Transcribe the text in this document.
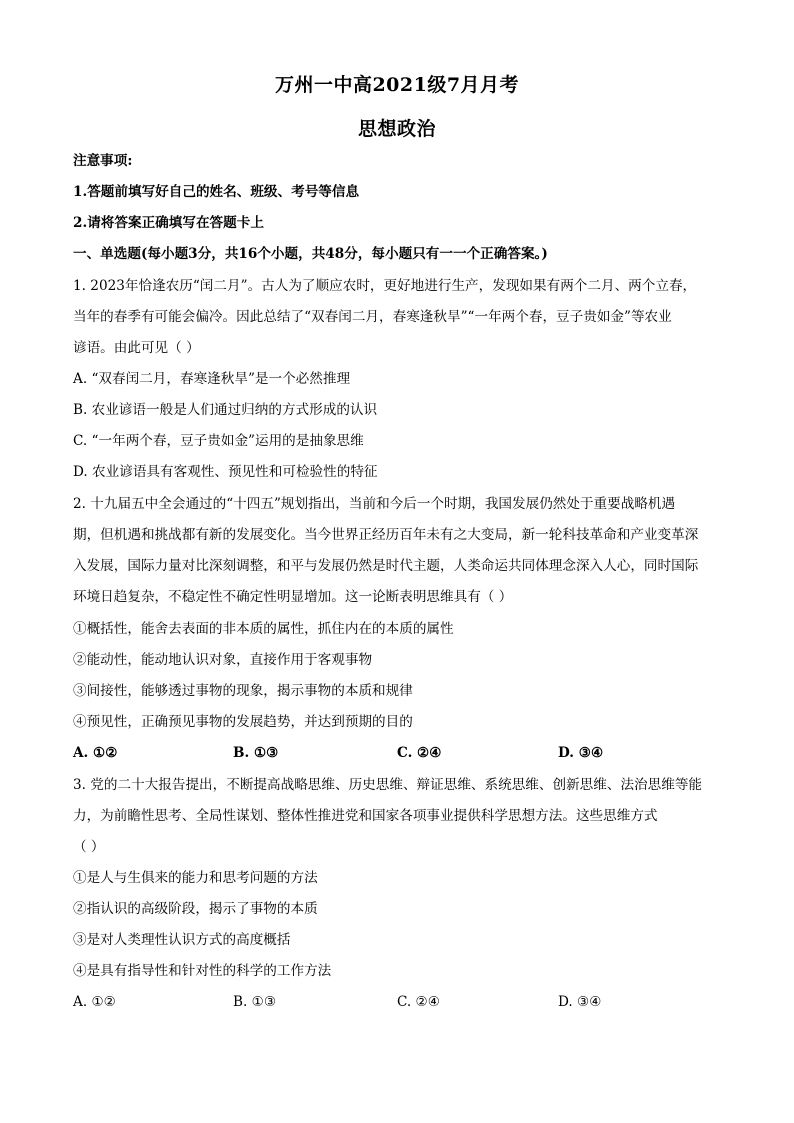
万州一中高2021级7月月考
思想政治
注意事项:
1.答题前填写好自己的姓名、班级、考号等信息
2.请将答案正确填写在答题卡上
一、单选题(每小题3分，共16个小题，共48分，每小题只有一一个正确答案。)
1. 2023年恰逢农历“闰二月”。古人为了顺应农时，更好地进行生产，发现如果有两个二月、两个立春，
当年的春季有可能会偏冷。因此总结了“双春闰二月，春寒逢秋旱”“一年两个春，豆子贵如金”等农业
谚语。由此可见（ ）
A. “双春闰二月，春寒逢秋旱”是一个必然推理
B. 农业谚语一般是人们通过归纳的方式形成的认识
C. “一年两个春，豆子贵如金”运用的是抽象思维
D. 农业谚语具有客观性、预见性和可检验性的特征
2. 十九届五中全会通过的“十四五”规划指出，当前和今后一个时期，我国发展仍然处于重要战略机遇
期，但机遇和挑战都有新的发展变化。当今世界正经历百年未有之大变局，新一轮科技革命和产业变革深
入发展，国际力量对比深刻调整，和平与发展仍然是时代主题，人类命运共同体理念深入人心，同时国际
环境日趋复杂，不稳定性不确定性明显增加。这一论断表明思维具有（ ）
①概括性，能舍去表面的非本质的属性，抓住内在的本质的属性
②能动性，能动地认识对象，直接作用于客观事物
③间接性，能够透过事物的现象，揭示事物的本质和规律
④预见性，正确预见事物的发展趋势，并达到预期的目的
A. ①②	B. ①③	C. ②④	D. ③④
3. 党的二十大报告提出，不断提高战略思维、历史思维、辩证思维、系统思维、创新思维、法治思维等能
力，为前瞻性思考、全局性谋划、整体性推进党和国家各项事业提供科学思想方法。这些思维方式
（ ）
①是人与生俱来的能力和思考问题的方法
②指认识的高级阶段，揭示了事物的本质
③是对人类理性认识方式的高度概括
④是具有指导性和针对性的科学的工作方法
A. ①②	B. ①③	C. ②④	D. ③④
